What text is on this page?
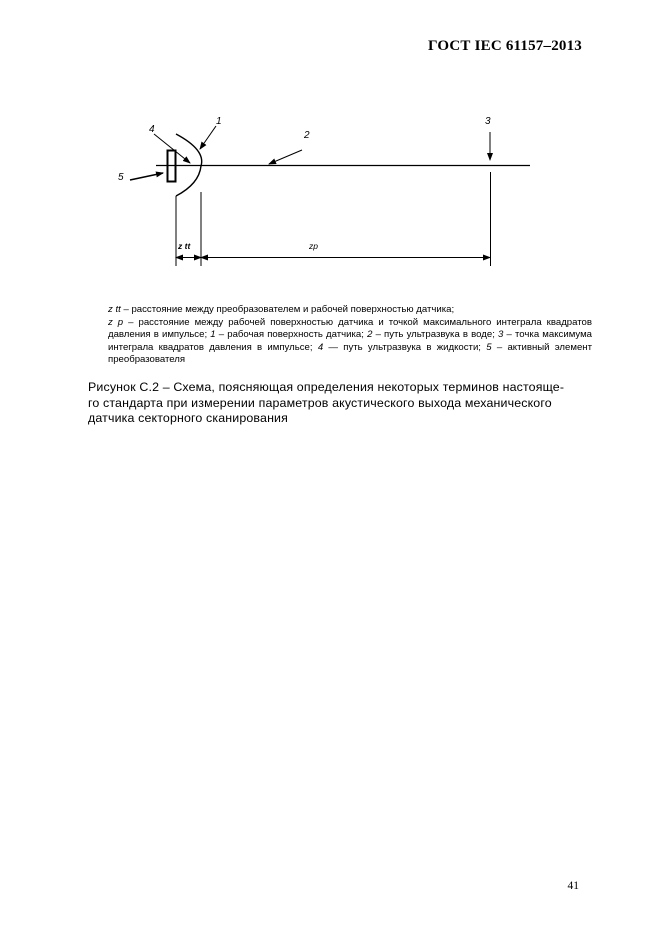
ГОСТ IEC 61157–2013
1
2
3
4
5
z tt	zp

z tt – расстояние между преобразователем и рабочей поверхностью датчика;

z p – расстояние между рабочей поверхностью датчика и точкой максимального интеграла квадратов давления в импульсе; 1 – рабочая поверхность датчика; 2 – путь ультразвука в воде; 3 – точка максимума интеграла квадратов давления в импульсе; 4 — путь ультразвука в жидкости; 5 – активный элемент преобразователя

Рисунок С.2 – Схема, поясняющая определения некоторых терминов настояще-

го стандарта при измерении параметров акустического выхода механического

датчика секторного сканирования

41
